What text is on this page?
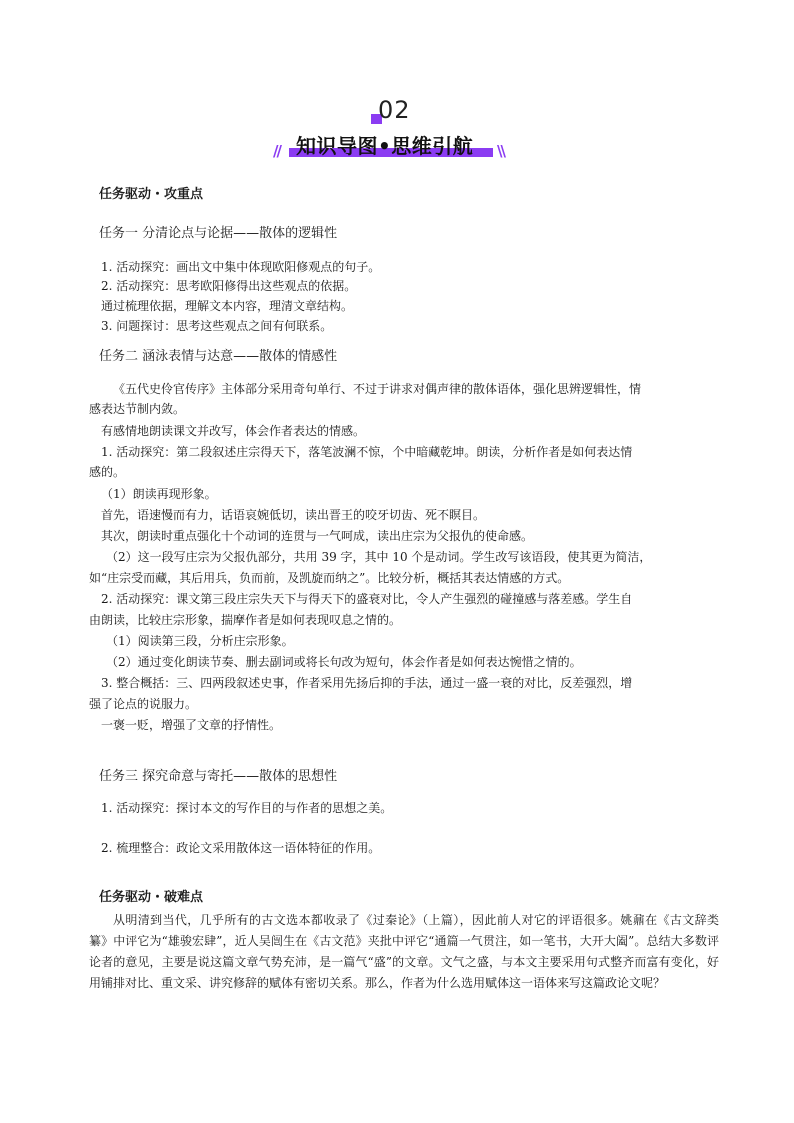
02
// 知识导图•思维引航 \\
任务驱动・攻重点
任务一 分清论点与论据——散体的逻辑性
1. 活动探究：画出文中集中体现欧阳修观点的句子。
2. 活动探究：思考欧阳修得出这些观点的依据。
通过梳理依据，理解文本内容，理清文章结构。
3. 问题探讨：思考这些观点之间有何联系。
任务二 涵泳表情与达意——散体的情感性
《五代史伶官传序》主体部分采用奇句单行、不过于讲求对偶声律的散体语体，强化思辨逻辑性，情
感表达节制内敛。
有感情地朗读课文并改写，体会作者表达的情感。
1. 活动探究：第二段叙述庄宗得天下，落笔波澜不惊，个中暗藏乾坤。朗读，分析作者是如何表达情
感的。
（1）朗读再现形象。
首先，语速慢而有力，话语哀婉低切，读出晋王的咬牙切齿、死不瞑目。
其次，朗读时重点强化十个动词的连贯与一气呵成，读出庄宗为父报仇的使命感。
（2）这一段写庄宗为父报仇部分，共用 39 字，其中 10 个是动词。学生改写该语段，使其更为简洁，
如“庄宗受而藏，其后用兵，负而前，及凯旋而纳之”。比较分析，概括其表达情感的方式。
2. 活动探究：课文第三段庄宗失天下与得天下的盛衰对比，令人产生强烈的碰撞感与落差感。学生自
由朗读，比较庄宗形象，揣摩作者是如何表现叹息之情的。
（1）阅读第三段，分析庄宗形象。
（2）通过变化朗读节奏、删去副词或将长句改为短句，体会作者是如何表达惋惜之情的。
3. 整合概括：三、四两段叙述史事，作者采用先扬后抑的手法，通过一盛一衰的对比，反差强烈，增
强了论点的说服力。
一褒一贬，增强了文章的抒情性。
任务三 探究命意与寄托——散体的思想性
1. 活动探究：探讨本文的写作目的与作者的思想之美。
2. 梳理整合：政论文采用散体这一语体特征的作用。
任务驱动・破难点
从明清到当代，几乎所有的古文选本都收录了《过秦论》（上篇），因此前人对它的评语很多。姚鼐在《古文辞类纂》中评它为“雄骏宏肆”，近人吴闿生在《古文范》夹批中评它“通篇一气贯注，如一笔书，大开大阖”。总结大多数评论者的意见，主要是说这篇文章气势充沛，是一篇气“盛”的文章。文气之盛，与本文主要采用句式整齐而富有变化，好用铺排对比、重文采、讲究修辞的赋体有密切关系。那么，作者为什么选用赋体这一语体来写这篇政论文呢？
